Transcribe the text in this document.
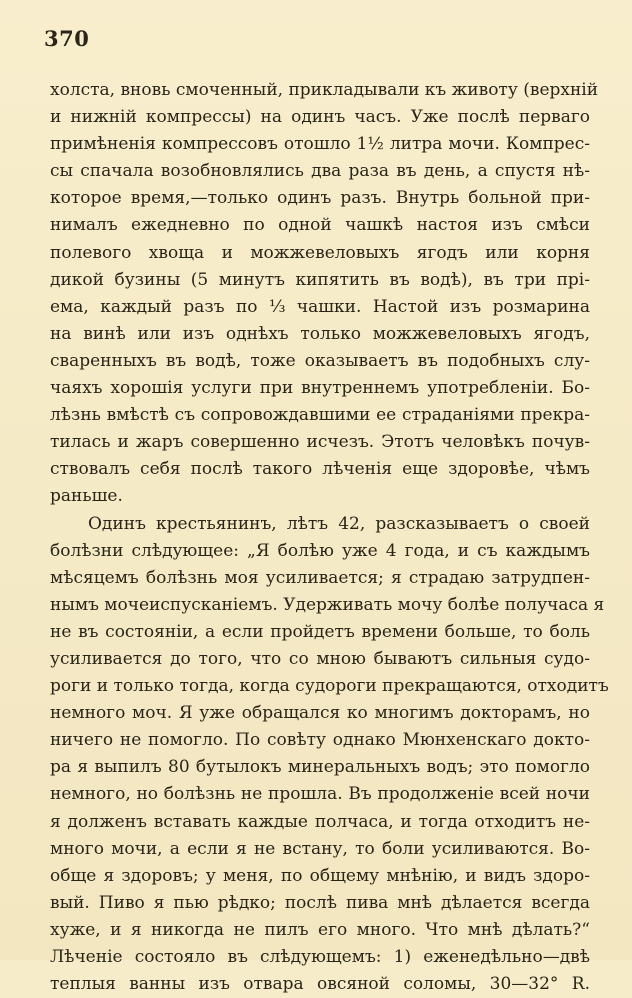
370
холста, вновь смоченный, прикладывали къ животу (верхній
и нижній компрессы) на одинъ часъ. Уже послѣ перваго
примѣненія компрессовъ отошло 1½ литра мочи. Компрес-
сы спачала возобновлялись два раза въ день, а спустя нѣ-
которое время,—только одинъ разъ. Внутрь больной при-
нималъ ежедневно по одной чашкѣ настоя изъ смѣси
полевого хвоща и можжевеловыхъ ягодъ или корня
дикой бузины (5 минутъ кипятить въ водѣ), въ три прі-
ема, каждый разъ по ⅓ чашки. Настой изъ розмарина
на винѣ или изъ однѣхъ только можжевеловыхъ ягодъ,
сваренныхъ въ водѣ, тоже оказываетъ въ подобныхъ слу-
чаяхъ хорошія услуги при внутреннемъ употребленіи. Бо-
лѣзнь вмѣстѣ съ сопровождавшими ее страданіями прекра-
тилась и жаръ совершенно исчезъ. Этотъ человѣкъ почув-
ствовалъ себя послѣ такого лѣченія еще здоровѣе, чѣмъ
раньше.
Одинъ крестьянинъ, лѣтъ 42, разсказываетъ о своей
болѣзни слѣдующее: „Я болѣю уже 4 года, и съ каждымъ
мѣсяцемъ болѣзнь моя усиливается; я страдаю затрудпен-
нымъ мочеиспусканіемъ. Удерживать мочу болѣе получаса я
не въ состояніи, а если пройдетъ времени больше, то боль
усиливается до того, что со мною бываютъ сильныя судо-
роги и только тогда, когда судороги прекращаются, отходитъ
немного моч. Я уже обращался ко многимъ докторамъ, но
ничего не помогло. По совѣту однако Мюнхенскаго докто-
ра я выпилъ 80 бутылокъ минеральныхъ водъ; это помогло
немного, но болѣзнь не прошла. Въ продолженіе всей ночи
я долженъ вставать каждые полчаса, и тогда отходитъ не-
много мочи, а если я не встану, то боли усиливаются. Во-
обще я здоровъ; у меня, по общему мнѣнію, и видъ здоро-
вый. Пиво я пью рѣдко; послѣ пива мнѣ дѣлается всегда
хуже, и я никогда не пилъ его много. Что мнѣ дѣлать?“
Лѣченіе состояло въ слѣдующемъ: 1) еженедѣльно—двѣ
теплыя ванны изъ отвара овсяной соломы, 30—32° R.
